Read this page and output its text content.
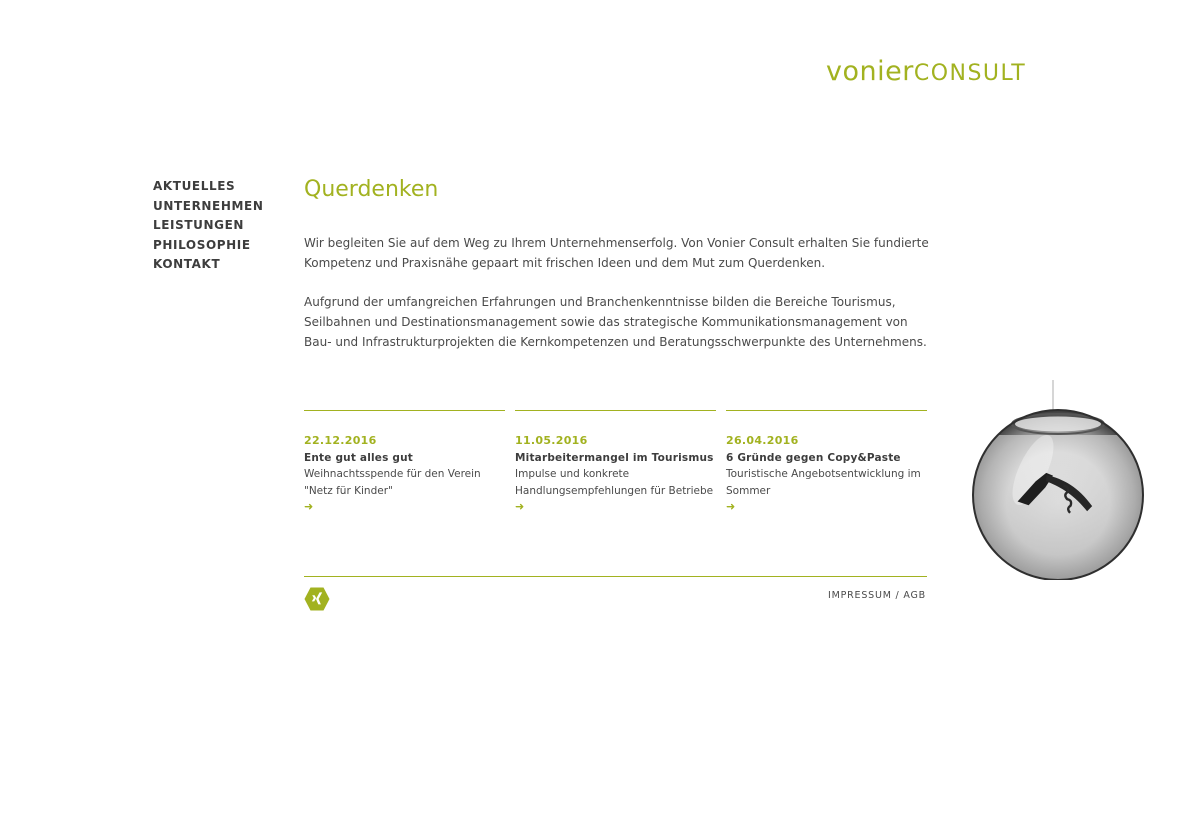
vonierCONSULT
AKTUELLES
UNTERNEHMEN
LEISTUNGEN
PHILOSOPHIE
KONTAKT
Querdenken

Wir begleiten Sie auf dem Weg zu Ihrem Unternehmenserfolg. Von Vonier Consult erhalten Sie fundierte Kompetenz und Praxisnähe gepaart mit frischen Ideen und dem Mut zum Querdenken.

Aufgrund der umfangreichen Erfahrungen und Branchenkenntnisse bilden die Bereiche Tourismus, Seilbahnen und Destinationsmanagement sowie das strategische Kommunikationsmanagement von Bau- und Infrastrukturprojekten die Kernkompetenzen und Beratungsschwerpunkte des Unternehmens.

22.12.2016
Ente gut alles gut
Weihnachtsspende für den Verein "Netz für Kinder"
➜
11.05.2016
Mitarbeitermangel im Tourismus
Impulse und konkrete Handlungsempfehlungen für Betriebe
➜
26.04.2016
6 Gründe gegen Copy&Paste
Touristische Angebotsentwicklung im Sommer
➜
IMPRESSUM / AGB
